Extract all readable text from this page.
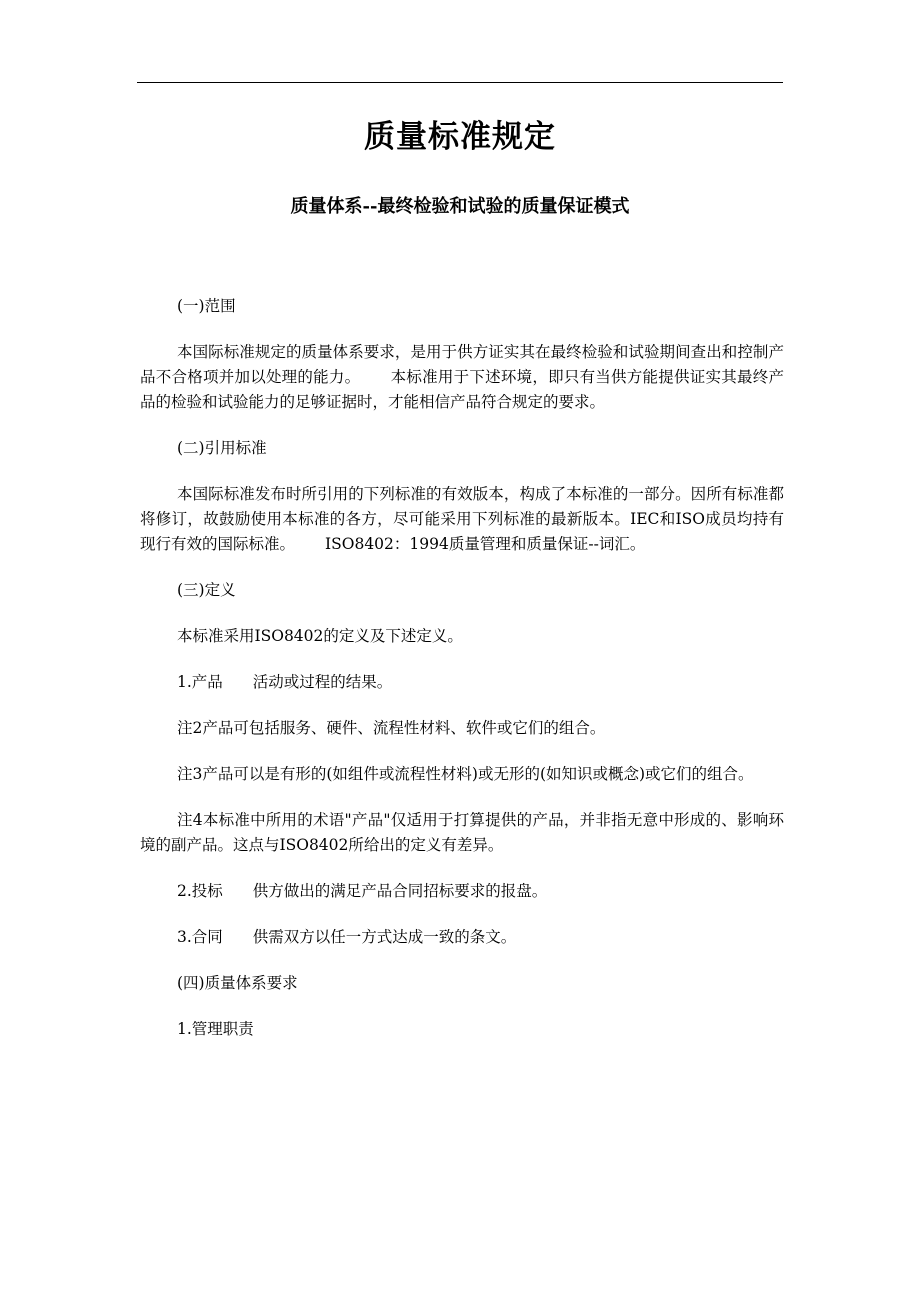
质量标准规定
质量体系--最终检验和试验的质量保证模式

(一)范围

本国际标准规定的质量体系要求，是用于供方证实其在最终检验和试验期间查出和控制产品不合格项并加以处理的能力。 本标准用于下述环境，即只有当供方能提供证实其最终产品的检验和试验能力的足够证据时，才能相信产品符合规定的要求。

(二)引用标准

本国际标准发布时所引用的下列标准的有效版本，构成了本标准的一部分。因所有标准都将修订，故鼓励使用本标准的各方，尽可能采用下列标准的最新版本。IEC和ISO成员均持有现行有效的国际标准。 ISO8402：1994质量管理和质量保证--词汇。

(三)定义

本标准采用ISO8402的定义及下述定义。

1.产品 活动或过程的结果。

注2产品可包括服务、硬件、流程性材料、软件或它们的组合。

注3产品可以是有形的(如组件或流程性材料)或无形的(如知识或概念)或它们的组合。

注4本标准中所用的术语"产品"仅适用于打算提供的产品，并非指无意中形成的、影响环境的副产品。这点与ISO8402所给出的定义有差异。

2.投标 供方做出的满足产品合同招标要求的报盘。

3.合同 供需双方以任一方式达成一致的条文。

(四)质量体系要求

1.管理职责
